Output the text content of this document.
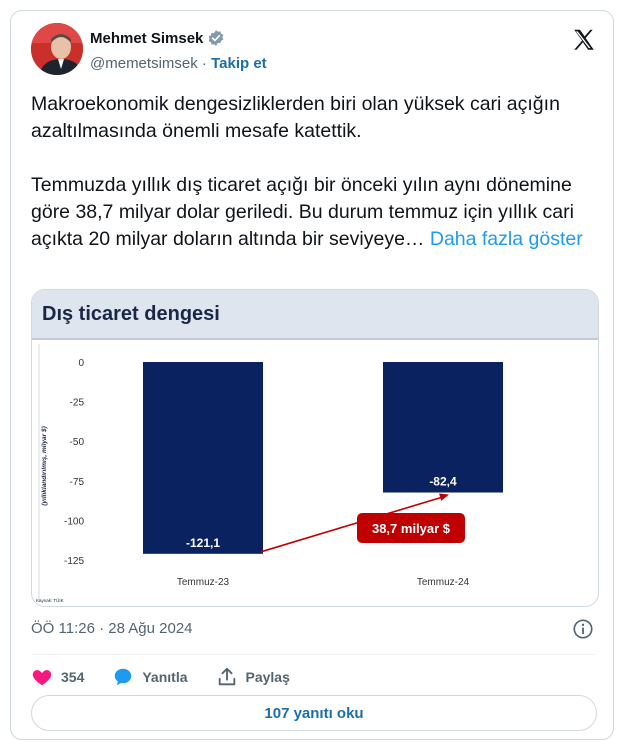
Mehmet Simsek
@memetsimsek · Takip et

Makroekonomik dengesizliklerden biri olan yüksek cari açığın azaltılmasında önemli mesafe katettik.

Temmuzda yıllık dış ticaret açığı bir önceki yılın aynı dönemine göre 38,7 milyar dolar geriledi. Bu durum temmuz için yıllık cari açıkta 20 milyar doların altında bir seviyeye… Daha fazla göster

Dış ticaret dengesi
0
-25
-50
-75
-100
-125
(yıllıklandırılmış, milyar $)
-121,1
Temmuz-23
-82,4
Temmuz-24
38,7 milyar $
Kaynak: TÜİK
ÖÖ 11:26 · 28 Ağu 2024
354	Yanıtla	Paylaş
107 yanıtı oku
